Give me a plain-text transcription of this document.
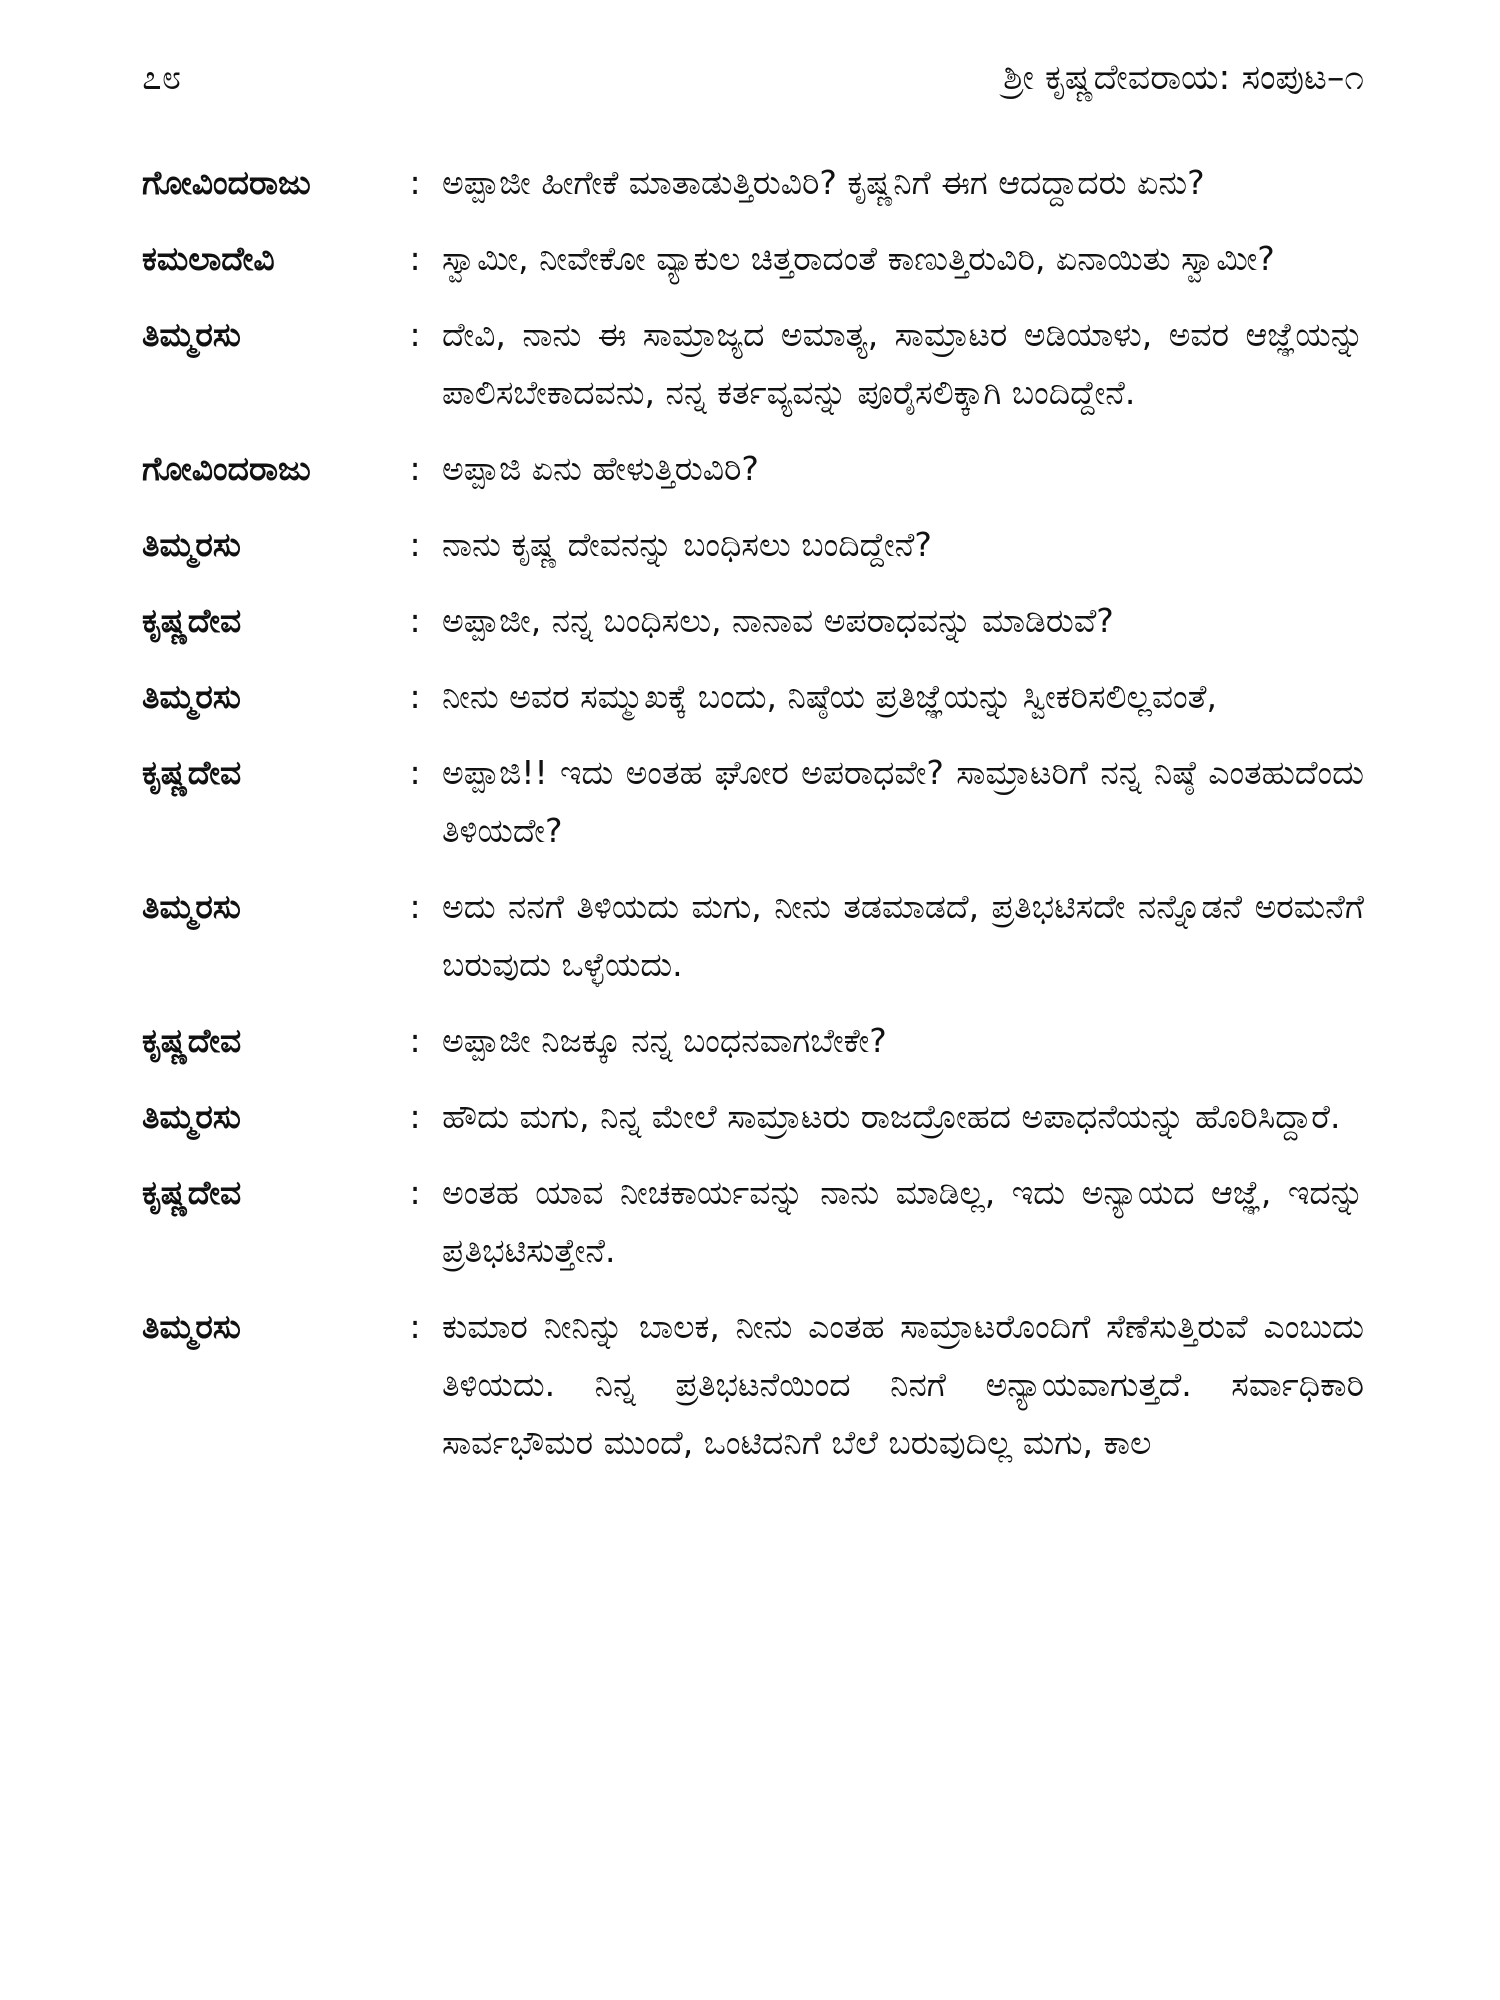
೭೮	ಶ್ರೀ ಕೃಷ್ಣದೇವರಾಯ: ಸಂಪುಟ–೧
ಗೋವಿಂದರಾಜು	: ಅಪ್ಪಾಜೀ ಹೀಗೇಕೆ ಮಾತಾಡುತ್ತಿರುವಿರಿ? ಕೃಷ್ಣನಿಗೆ ಈಗ ಆದದ್ದಾದರು ಏನು?
ಕಮಲಾದೇವಿ	: ಸ್ವಾಮೀ, ನೀವೇಕೋ ವ್ಯಾಕುಲ ಚಿತ್ತರಾದಂತೆ ಕಾಣುತ್ತಿರುವಿರಿ, ಏನಾಯಿತು ಸ್ವಾಮೀ?
ತಿಮ್ಮರಸು	: ದೇವಿ, ನಾನು ಈ ಸಾಮ್ರಾಜ್ಯದ ಅಮಾತ್ಯ, ಸಾಮ್ರಾಟರ ಅಡಿಯಾಳು, ಅವರ ಆಜ್ಞೆಯನ್ನು ಪಾಲಿಸಬೇಕಾದವನು, ನನ್ನ ಕರ್ತವ್ಯವನ್ನು ಪೂರೈಸಲಿಕ್ಕಾಗಿ ಬಂದಿದ್ದೇನೆ.
ಗೋವಿಂದರಾಜು	: ಅಪ್ಪಾಜಿ ಏನು ಹೇಳುತ್ತಿರುವಿರಿ?
ತಿಮ್ಮರಸು	: ನಾನು ಕೃಷ್ಣ ದೇವನನ್ನು ಬಂಧಿಸಲು ಬಂದಿದ್ದೇನೆ?
ಕೃಷ್ಣದೇವ	: ಅಪ್ಪಾಜೀ, ನನ್ನ ಬಂಧಿಸಲು, ನಾನಾವ ಅಪರಾಧವನ್ನು ಮಾಡಿರುವೆ?
ತಿಮ್ಮರಸು	: ನೀನು ಅವರ ಸಮ್ಮುಖಕ್ಕೆ ಬಂದು, ನಿಷ್ಠೆಯ ಪ್ರತಿಜ್ಞೆಯನ್ನು ಸ್ವೀಕರಿಸಲಿಲ್ಲವಂತೆ,
ಕೃಷ್ಣದೇವ	: ಅಪ್ಪಾಜಿ!! ಇದು ಅಂತಹ ಘೋರ ಅಪರಾಧವೇ? ಸಾಮ್ರಾಟರಿಗೆ ನನ್ನ ನಿಷ್ಠೆ ಎಂತಹುದೆಂದು ತಿಳಿಯದೇ?
ತಿಮ್ಮರಸು	: ಅದು ನನಗೆ ತಿಳಿಯದು ಮಗು, ನೀನು ತಡಮಾಡದೆ, ಪ್ರತಿಭಟಿಸದೇ ನನ್ನೊಡನೆ ಅರಮನೆಗೆ ಬರುವುದು ಒಳ್ಳೆಯದು.
ಕೃಷ್ಣದೇವ	: ಅಪ್ಪಾಜೀ ನಿಜಕ್ಕೂ ನನ್ನ ಬಂಧನವಾಗಬೇಕೇ?
ತಿಮ್ಮರಸು	: ಹೌದು ಮಗು, ನಿನ್ನ ಮೇಲೆ ಸಾಮ್ರಾಟರು ರಾಜದ್ರೋಹದ ಅಪಾಧನೆಯನ್ನು ಹೊರಿಸಿದ್ದಾರೆ.
ಕೃಷ್ಣದೇವ	: ಅಂತಹ ಯಾವ ನೀಚಕಾರ್ಯವನ್ನು ನಾನು ಮಾಡಿಲ್ಲ, ಇದು ಅನ್ಯಾಯದ ಆಜ್ಞೆ, ಇದನ್ನು ಪ್ರತಿಭಟಿಸುತ್ತೇನೆ.
ತಿಮ್ಮರಸು	: ಕುಮಾರ ನೀನಿನ್ನು ಬಾಲಕ, ನೀನು ಎಂತಹ ಸಾಮ್ರಾಟರೊಂದಿಗೆ ಸೆಣೆಸುತ್ತಿರುವೆ ಎಂಬುದು ತಿಳಿಯದು. ನಿನ್ನ ಪ್ರತಿಭಟನೆಯಿಂದ ನಿನಗೆ ಅನ್ಯಾಯವಾಗುತ್ತದೆ. ಸರ್ವಾಧಿಕಾರಿ ಸಾರ್ವಭೌಮರ ಮುಂದೆ, ಒಂಟಿದನಿಗೆ ಬೆಲೆ ಬರುವುದಿಲ್ಲ ಮಗು, ಕಾಲ
